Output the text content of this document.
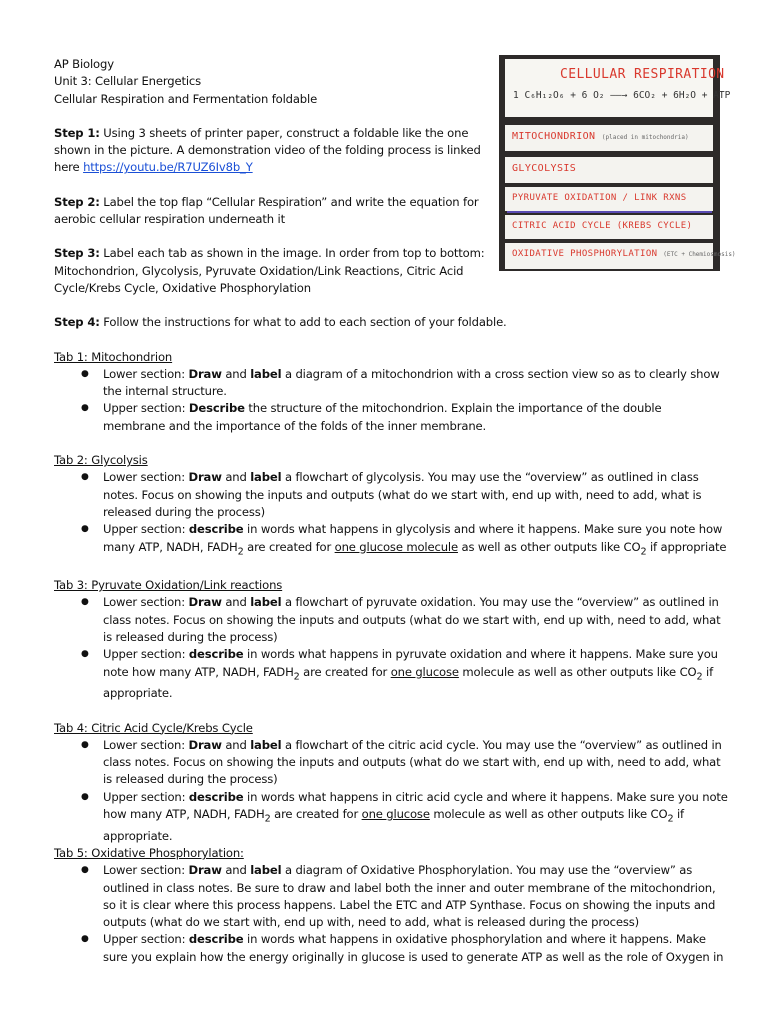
CELLULAR RESPIRATION
1 C₆H₁₂O₆ + 6 O₂ ——→ 6CO₂ + 6H₂O + ATP
MITOCHONDRION (placed in mitochondria)
GLYCOLYSIS
PYRUVATE OXIDATION / LINK RXNS
CITRIC ACID CYCLE (KREBS CYCLE)
OXIDATIVE PHOSPHORYLATION (ETC + Chemiosmosis)
AP Biology
Unit 3: Cellular Energetics
Cellular Respiration and Fermentation foldable
Step 1: Using 3 sheets of printer paper, construct a foldable like the one
shown in the picture. A demonstration video of the folding process is linked
here https://youtu.be/R7UZ6Iv8b_Y
Step 2: Label the top flap “Cellular Respiration” and write the equation for
aerobic cellular respiration underneath it
Step 3: Label each tab as shown in the image. In order from top to bottom:
Mitochondrion, Glycolysis, Pyruvate Oxidation/Link Reactions, Citric Acid
Cycle/Krebs Cycle, Oxidative Phosphorylation
Step 4: Follow the instructions for what to add to each section of your foldable.
Tab 1: Mitochondrion
● Lower section: Draw and label a diagram of a mitochondrion with a cross section view so as to clearly show
the internal structure.
● Upper section: Describe the structure of the mitochondrion. Explain the importance of the double
membrane and the importance of the folds of the inner membrane.
Tab 2: Glycolysis
● Lower section: Draw and label a flowchart of glycolysis. You may use the “overview” as outlined in class
notes. Focus on showing the inputs and outputs (what do we start with, end up with, need to add, what is
released during the process)
● Upper section: describe in words what happens in glycolysis and where it happens. Make sure you note how
many ATP, NADH, $FADH_2$ are created for one glucose molecule as well as other outputs like $CO_2$ if appropriate
Tab 3: Pyruvate Oxidation/Link reactions
● Lower section: Draw and label a flowchart of pyruvate oxidation. You may use the “overview” as outlined in
class notes. Focus on showing the inputs and outputs (what do we start with, end up with, need to add, what
is released during the process)
● Upper section: describe in words what happens in pyruvate oxidation and where it happens. Make sure you
note how many ATP, NADH, $FADH_2$ are created for one glucose molecule as well as other outputs like $CO_2$ if
appropriate.
Tab 4: Citric Acid Cycle/Krebs Cycle
● Lower section: Draw and label a flowchart of the citric acid cycle. You may use the “overview” as outlined in
class notes. Focus on showing the inputs and outputs (what do we start with, end up with, need to add, what
is released during the process)
● Upper section: describe in words what happens in citric acid cycle and where it happens. Make sure you note
how many ATP, NADH, $FADH_2$ are created for one glucose molecule as well as other outputs like $CO_2$ if
appropriate.
Tab 5: Oxidative Phosphorylation:
● Lower section: Draw and label a diagram of Oxidative Phosphorylation. You may use the “overview” as
outlined in class notes. Be sure to draw and label both the inner and outer membrane of the mitochondrion,
so it is clear where this process happens. Label the ETC and ATP Synthase. Focus on showing the inputs and
outputs (what do we start with, end up with, need to add, what is released during the process)
● Upper section: describe in words what happens in oxidative phosphorylation and where it happens. Make
sure you explain how the energy originally in glucose is used to generate ATP as well as the role of Oxygen in
